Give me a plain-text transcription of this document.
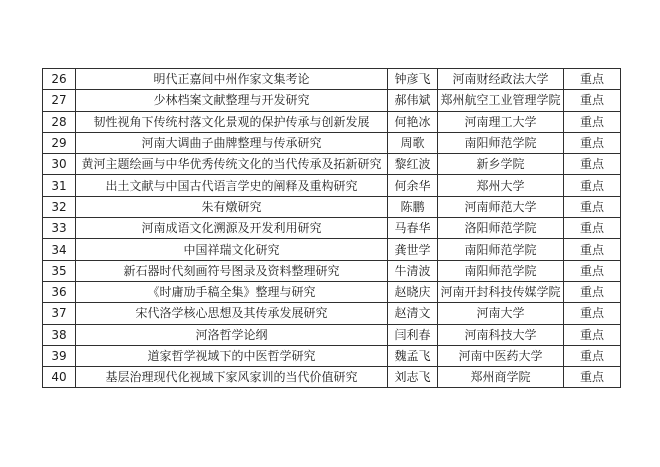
26	明代正嘉间中州作家文集考论	钟彦飞	河南财经政法大学	重点
27	少林档案文献整理与开发研究	郝伟斌	郑州航空工业管理学院	重点
28	韧性视角下传统村落文化景观的保护传承与创新发展	何艳冰	河南理工大学	重点
29	河南大调曲子曲牌整理与传承研究	周歌	南阳师范学院	重点
30	黄河主题绘画与中华优秀传统文化的当代传承及拓新研究	黎红波	新乡学院	重点
31	出土文献与中国古代语言学史的阐释及重构研究	何余华	郑州大学	重点
32	朱有燉研究	陈鹏	河南师范大学	重点
33	河南成语文化溯源及开发利用研究	马春华	洛阳师范学院	重点
34	中国祥瑞文化研究	龚世学	南阳师范学院	重点
35	新石器时代刻画符号图录及资料整理研究	牛清波	南阳师范学院	重点
36	《时庸劢手稿全集》整理与研究	赵晓庆	河南开封科技传媒学院	重点
37	宋代洛学核心思想及其传承发展研究	赵清文	河南大学	重点
38	河洛哲学论纲	闫利春	河南科技大学	重点
39	道家哲学视域下的中医哲学研究	魏孟飞	河南中医药大学	重点
40	基层治理现代化视域下家风家训的当代价值研究	刘志飞	郑州商学院	重点
